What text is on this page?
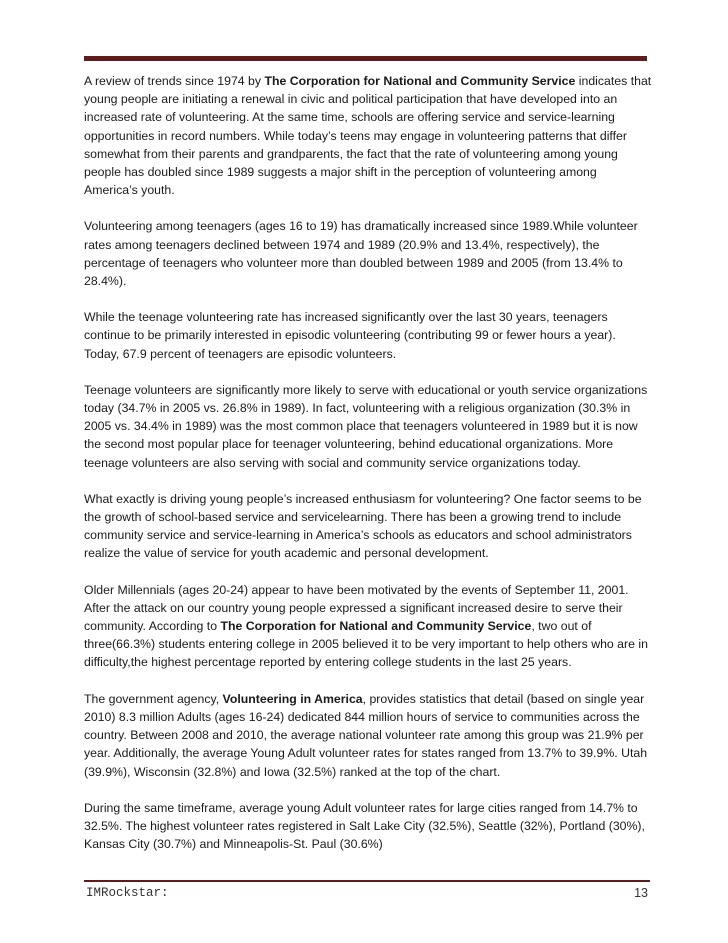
A review of trends since 1974 by The Corporation for National and Community Service indicates that young people are initiating a renewal in civic and political participation that have developed into an increased rate of volunteering. At the same time, schools are offering service and service-learning opportunities in record numbers. While today’s teens may engage in volunteering patterns that differ somewhat from their parents and grandparents, the fact that the rate of volunteering among young people has doubled since 1989 suggests a major shift in the perception of volunteering among America’s youth.

Volunteering among teenagers (ages 16 to 19) has dramatically increased since 1989.While volunteer rates among teenagers declined between 1974 and 1989 (20.9% and 13.4%, respectively), the percentage of teenagers who volunteer more than doubled between 1989 and 2005 (from 13.4% to 28.4%).

While the teenage volunteering rate has increased significantly over the last 30 years, teenagers continue to be primarily interested in episodic volunteering (contributing 99 or fewer hours a year). Today, 67.9 percent of teenagers are episodic volunteers.

Teenage volunteers are significantly more likely to serve with educational or youth service organizations today (34.7% in 2005 vs. 26.8% in 1989). In fact, volunteering with a religious organization (30.3% in 2005 vs. 34.4% in 1989) was the most common place that teenagers volunteered in 1989 but it is now the second most popular place for teenager volunteering, behind educational organizations. More teenage volunteers are also serving with social and community service organizations today.

What exactly is driving young people’s increased enthusiasm for volunteering? One factor seems to be the growth of school-based service and servicelearning. There has been a growing trend to include community service and service-learning in America’s schools as educators and school administrators realize the value of service for youth academic and personal development.

Older Millennials (ages 20-24) appear to have been motivated by the events of September 11, 2001. After the attack on our country young people expressed a significant increased desire to serve their community. According to The Corporation for National and Community Service, two out of three(66.3%) students entering college in 2005 believed it to be very important to help others who are in difficulty,the highest percentage reported by entering college students in the last 25 years.

The government agency, Volunteering in America, provides statistics that detail (based on single year 2010) 8.3 million Adults (ages 16-24) dedicated 844 million hours of service to communities across the country. Between 2008 and 2010, the average national volunteer rate among this group was 21.9% per year. Additionally, the average Young Adult volunteer rates for states ranged from 13.7% to 39.9%. Utah (39.9%), Wisconsin (32.8%) and Iowa (32.5%) ranked at the top of the chart.

During the same timeframe, average young Adult volunteer rates for large cities ranged from 14.7% to 32.5%. The highest volunteer rates registered in Salt Lake City (32.5%), Seattle (32%), Portland (30%), Kansas City (30.7%) and Minneapolis-St. Paul (30.6%)

IMRockstar:	13
